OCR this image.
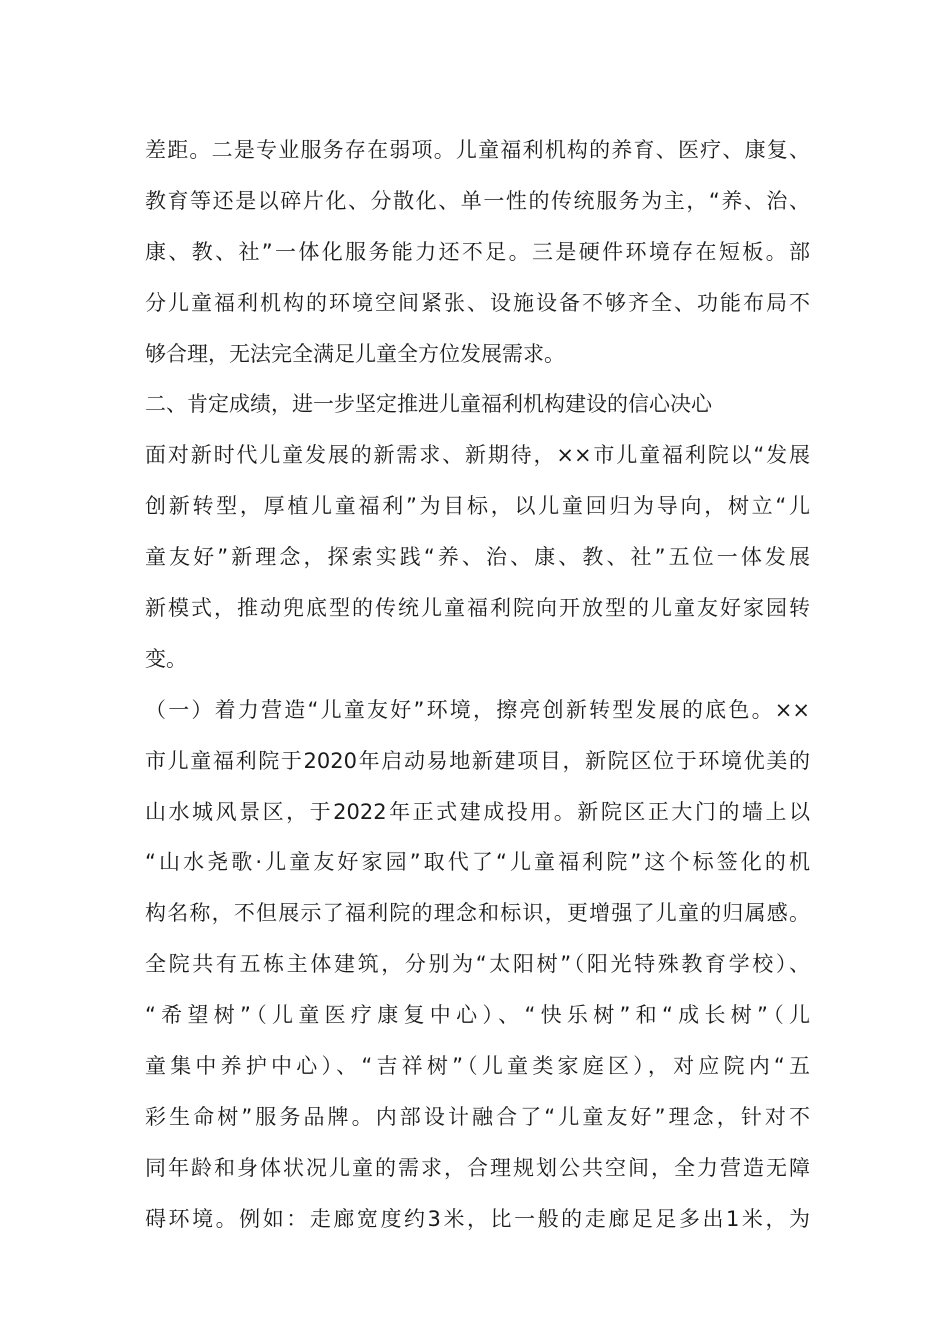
差距。二是专业服务存在弱项。儿童福利机构的养育、医疗、康复、
教育等还是以碎片化、分散化、单一性的传统服务为主，“养、治、
康、教、社”一体化服务能力还不足。三是硬件环境存在短板。部
分儿童福利机构的环境空间紧张、设施设备不够齐全、功能布局不
够合理，无法完全满足儿童全方位发展需求。
二、肯定成绩，进一步坚定推进儿童福利机构建设的信心决心
面对新时代儿童发展的新需求、新期待，××市儿童福利院以“发展
创新转型，厚植儿童福利”为目标，以儿童回归为导向，树立“儿
童友好”新理念，探索实践“养、治、康、教、社”五位一体发展
新模式，推动兜底型的传统儿童福利院向开放型的儿童友好家园转
变。
（一）着力营造“儿童友好”环境，擦亮创新转型发展的底色。××
市儿童福利院于2020年启动易地新建项目，新院区位于环境优美的
山水城风景区，于2022年正式建成投用。新院区正大门的墙上以
“山水尧歌·儿童友好家园”取代了“儿童福利院”这个标签化的机
构名称，不但展示了福利院的理念和标识，更增强了儿童的归属感。
全院共有五栋主体建筑，分别为“太阳树”（阳光特殊教育学校）、
“希望树”（儿童医疗康复中心）、“快乐树”和“成长树”（儿
童集中养护中心）、“吉祥树”（儿童类家庭区），对应院内“五
彩生命树”服务品牌。内部设计融合了“儿童友好”理念，针对不
同年龄和身体状况儿童的需求，合理规划公共空间，全力营造无障
碍环境。例如：走廊宽度约3米，比一般的走廊足足多出1米，为
